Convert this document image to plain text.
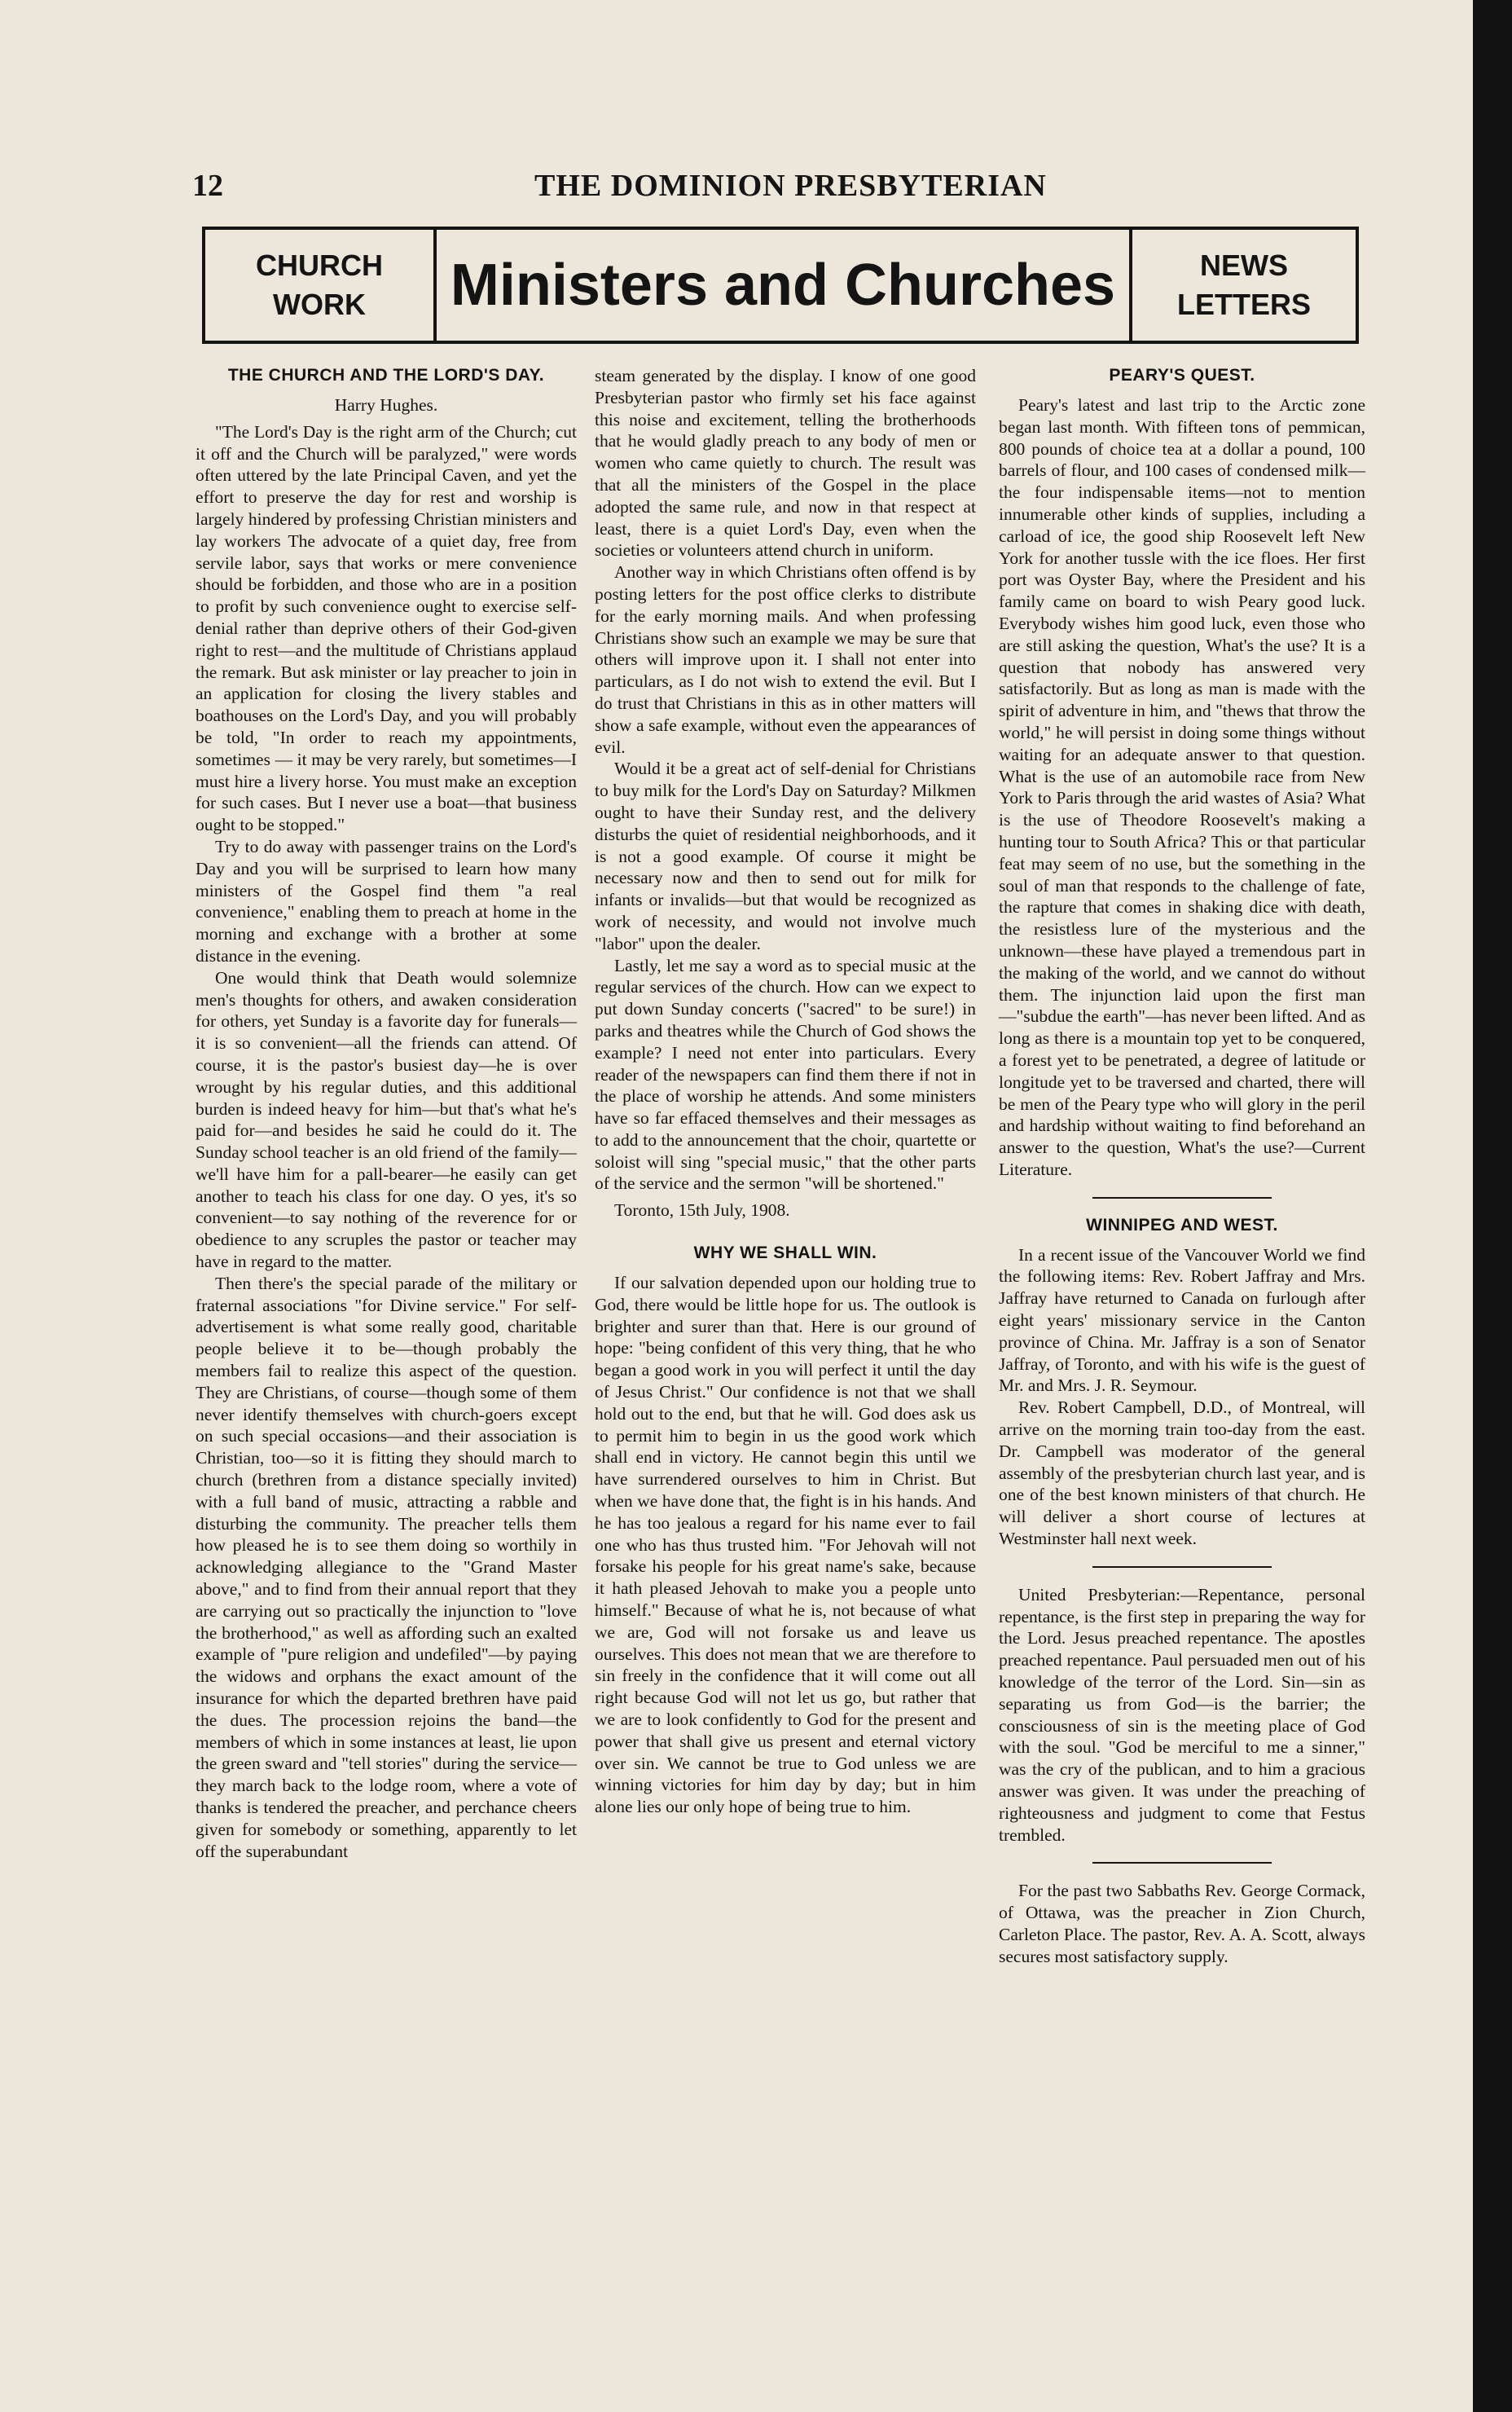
12	THE DOMINION PRESBYTERIAN
CHURCH
WORK Ministers and Churches	NEWS
LETTERS
THE CHURCH AND THE LORD'S DAY.
Harry Hughes.

"The Lord's Day is the right arm of the Church; cut it off and the Church will be paralyzed," were words often uttered by the late Principal Caven, and yet the effort to preserve the day for rest and worship is largely hindered by professing Christian ministers and lay workers The advocate of a quiet day, free from servile labor, says that works or mere convenience should be forbidden, and those who are in a position to profit by such convenience ought to exercise self-denial rather than deprive others of their God-given right to rest—and the multitude of Christians applaud the remark. But ask minister or lay preacher to join in an application for closing the livery stables and boathouses on the Lord's Day, and you will probably be told, "In order to reach my appointments, sometimes — it may be very rarely, but sometimes—I must hire a livery horse. You must make an exception for such cases. But I never use a boat—that business ought to be stopped."

Try to do away with passenger trains on the Lord's Day and you will be surprised to learn how many ministers of the Gospel find them "a real convenience," enabling them to preach at home in the morning and exchange with a brother at some distance in the evening.

One would think that Death would solemnize men's thoughts for others, and awaken consideration for others, yet Sunday is a favorite day for funerals—it is so convenient—all the friends can attend. Of course, it is the pastor's busiest day—he is over wrought by his regular duties, and this additional burden is indeed heavy for him—but that's what he's paid for—and besides he said he could do it. The Sunday school teacher is an old friend of the family—we'll have him for a pall-bearer—he easily can get another to teach his class for one day. O yes, it's so convenient—to say nothing of the reverence for or obedience to any scruples the pastor or teacher may have in regard to the matter.

Then there's the special parade of the military or fraternal associations "for Divine service." For self-advertisement is what some really good, charitable people believe it to be—though probably the members fail to realize this aspect of the question. They are Christians, of course—though some of them never identify themselves with church-goers except on such special occasions—and their association is Christian, too—so it is fitting they should march to church (brethren from a distance specially invited) with a full band of music, attracting a rabble and disturbing the community. The preacher tells them how pleased he is to see them doing so worthily in acknowledging allegiance to the "Grand Master above," and to find from their annual report that they are carrying out so practically the injunction to "love the brotherhood," as well as affording such an exalted example of "pure religion and undefiled"—by paying the widows and orphans the exact amount of the insurance for which the departed brethren have paid the dues. The procession rejoins the band—the members of which in some instances at least, lie upon the green sward and "tell stories" during the service—they march back to the lodge room, where a vote of thanks is tendered the preacher, and perchance cheers given for somebody or something, apparently to let off the superabundant

steam generated by the display. I know of one good Presbyterian pastor who firmly set his face against this noise and excitement, telling the brotherhoods that he would gladly preach to any body of men or women who came quietly to church. The result was that all the ministers of the Gospel in the place adopted the same rule, and now in that respect at least, there is a quiet Lord's Day, even when the societies or volunteers attend church in uniform.

Another way in which Christians often offend is by posting letters for the post office clerks to distribute for the early morning mails. And when professing Christians show such an example we may be sure that others will improve upon it. I shall not enter into particulars, as I do not wish to extend the evil. But I do trust that Christians in this as in other matters will show a safe example, without even the appearances of evil.

Would it be a great act of self-denial for Christians to buy milk for the Lord's Day on Saturday? Milkmen ought to have their Sunday rest, and the delivery disturbs the quiet of residential neighborhoods, and it is not a good example. Of course it might be necessary now and then to send out for milk for infants or invalids—but that would be recognized as work of necessity, and would not involve much "labor" upon the dealer.

Lastly, let me say a word as to special music at the regular services of the church. How can we expect to put down Sunday concerts ("sacred" to be sure!) in parks and theatres while the Church of God shows the example? I need not enter into particulars. Every reader of the newspapers can find them there if not in the place of worship he attends. And some ministers have so far effaced themselves and their messages as to add to the announcement that the choir, quartette or soloist will sing "special music," that the other parts of the service and the sermon "will be shortened."

Toronto, 15th July, 1908.

WHY WE SHALL WIN.

If our salvation depended upon our holding true to God, there would be little hope for us. The outlook is brighter and surer than that. Here is our ground of hope: "being confident of this very thing, that he who began a good work in you will perfect it until the day of Jesus Christ." Our confidence is not that we shall hold out to the end, but that he will. God does ask us to permit him to begin in us the good work which shall end in victory. He cannot begin this until we have surrendered ourselves to him in Christ. But when we have done that, the fight is in his hands. And he has too jealous a regard for his name ever to fail one who has thus trusted him. "For Jehovah will not forsake his people for his great name's sake, because it hath pleased Jehovah to make you a people unto himself." Because of what he is, not because of what we are, God will not forsake us and leave us ourselves. This does not mean that we are therefore to sin freely in the confidence that it will come out all right because God will not let us go, but rather that we are to look confidently to God for the present and power that shall give us present and eternal victory over sin. We cannot be true to God unless we are winning victories for him day by day; but in him alone lies our only hope of being true to him.

PEARY'S QUEST.

Peary's latest and last trip to the Arctic zone began last month. With fifteen tons of pemmican, 800 pounds of choice tea at a dollar a pound, 100 barrels of flour, and 100 cases of condensed milk—the four indispensable items—not to mention innumerable other kinds of supplies, including a carload of ice, the good ship Roosevelt left New York for another tussle with the ice floes. Her first port was Oyster Bay, where the President and his family came on board to wish Peary good luck. Everybody wishes him good luck, even those who are still asking the question, What's the use? It is a question that nobody has answered very satisfactorily. But as long as man is made with the spirit of adventure in him, and "thews that throw the world," he will persist in doing some things without waiting for an adequate answer to that question. What is the use of an automobile race from New York to Paris through the arid wastes of Asia? What is the use of Theodore Roosevelt's making a hunting tour to South Africa? This or that particular feat may seem of no use, but the something in the soul of man that responds to the challenge of fate, the rapture that comes in shaking dice with death, the resistless lure of the mysterious and the unknown—these have played a tremendous part in the making of the world, and we cannot do without them. The injunction laid upon the first man—"subdue the earth"—has never been lifted. And as long as there is a mountain top yet to be conquered, a forest yet to be penetrated, a degree of latitude or longitude yet to be traversed and charted, there will be men of the Peary type who will glory in the peril and hardship without waiting to find beforehand an answer to the question, What's the use?—Current Literature.

WINNIPEG AND WEST.

In a recent issue of the Vancouver World we find the following items: Rev. Robert Jaffray and Mrs. Jaffray have returned to Canada on furlough after eight years' missionary service in the Canton province of China. Mr. Jaffray is a son of Senator Jaffray, of Toronto, and with his wife is the guest of Mr. and Mrs. J. R. Seymour.

Rev. Robert Campbell, D.D., of Montreal, will arrive on the morning train too-day from the east. Dr. Campbell was moderator of the general assembly of the presbyterian church last year, and is one of the best known ministers of that church. He will deliver a short course of lectures at Westminster hall next week.

United Presbyterian:—Repentance, personal repentance, is the first step in preparing the way for the Lord. Jesus preached repentance. The apostles preached repentance. Paul persuaded men out of his knowledge of the terror of the Lord. Sin—sin as separating us from God—is the barrier; the consciousness of sin is the meeting place of God with the soul. "God be merciful to me a sinner," was the cry of the publican, and to him a gracious answer was given. It was under the preaching of righteousness and judgment to come that Festus trembled.

For the past two Sabbaths Rev. George Cormack, of Ottawa, was the preacher in Zion Church, Carleton Place. The pastor, Rev. A. A. Scott, always secures most satisfactory supply.
